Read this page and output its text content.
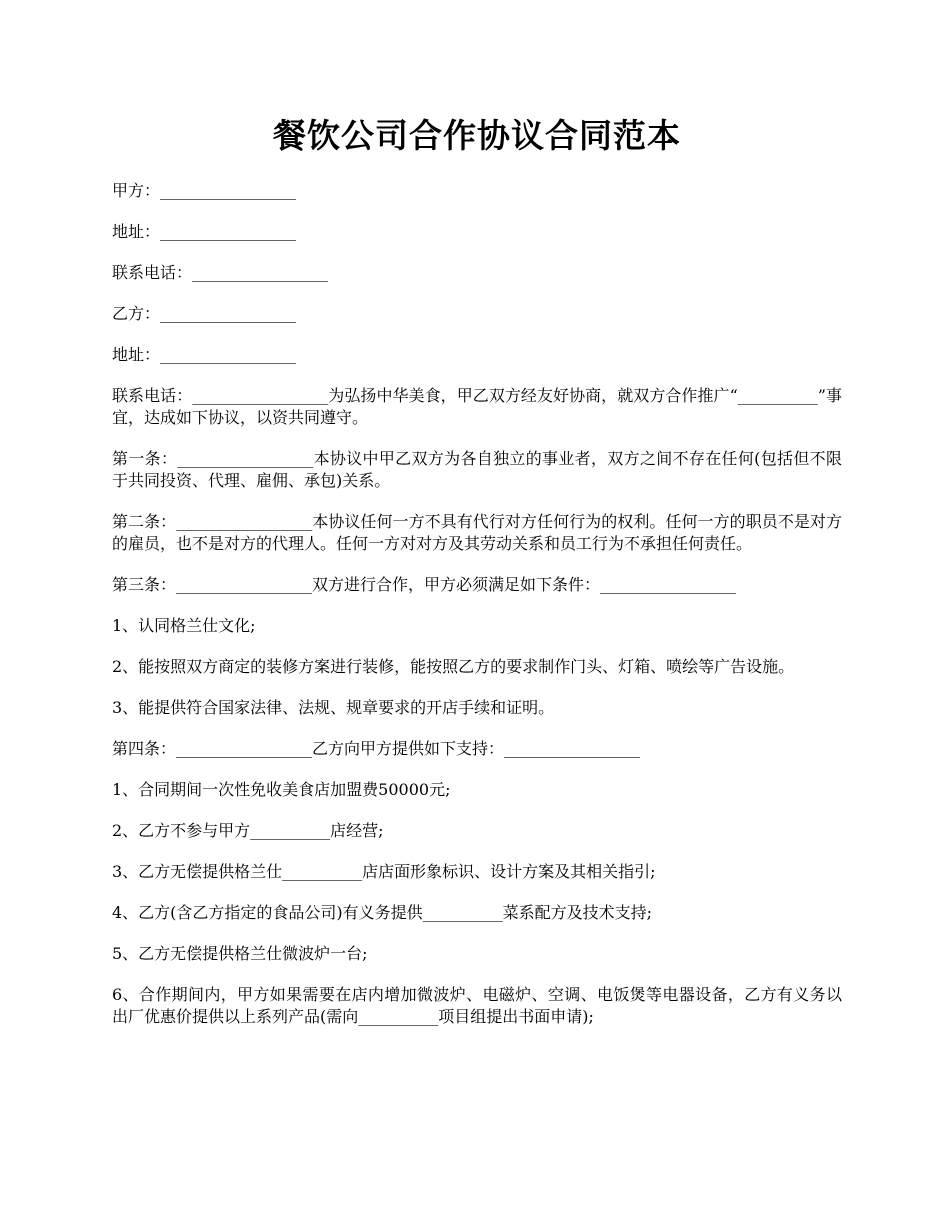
餐饮公司合作协议合同范本

甲方：_________________

地址：_________________

联系电话：_________________

乙方：_________________

地址：_________________

联系电话：_________________为弘扬中华美食，甲乙双方经友好协商，就双方合作推广“__________”事宜，达成如下协议，以资共同遵守。

第一条：_________________本协议中甲乙双方为各自独立的事业者，双方之间不存在任何(包括但不限于共同投资、代理、雇佣、承包)关系。

第二条：_________________本协议任何一方不具有代行对方任何行为的权利。任何一方的职员不是对方的雇员，也不是对方的代理人。任何一方对对方及其劳动关系和员工行为不承担任何责任。

第三条：_________________双方进行合作，甲方必须满足如下条件：_________________

1、认同格兰仕文化;

2、能按照双方商定的装修方案进行装修，能按照乙方的要求制作门头、灯箱、喷绘等广告设施。

3、能提供符合国家法律、法规、规章要求的开店手续和证明。

第四条：_________________乙方向甲方提供如下支持：_________________

1、合同期间一次性免收美食店加盟费50000元;

2、乙方不参与甲方__________店经营;

3、乙方无偿提供格兰仕__________店店面形象标识、设计方案及其相关指引;

4、乙方(含乙方指定的食品公司)有义务提供__________菜系配方及技术支持;

5、乙方无偿提供格兰仕微波炉一台;

6、合作期间内，甲方如果需要在店内增加微波炉、电磁炉、空调、电饭煲等电器设备，乙方有义务以出厂优惠价提供以上系列产品(需向__________项目组提出书面申请);
